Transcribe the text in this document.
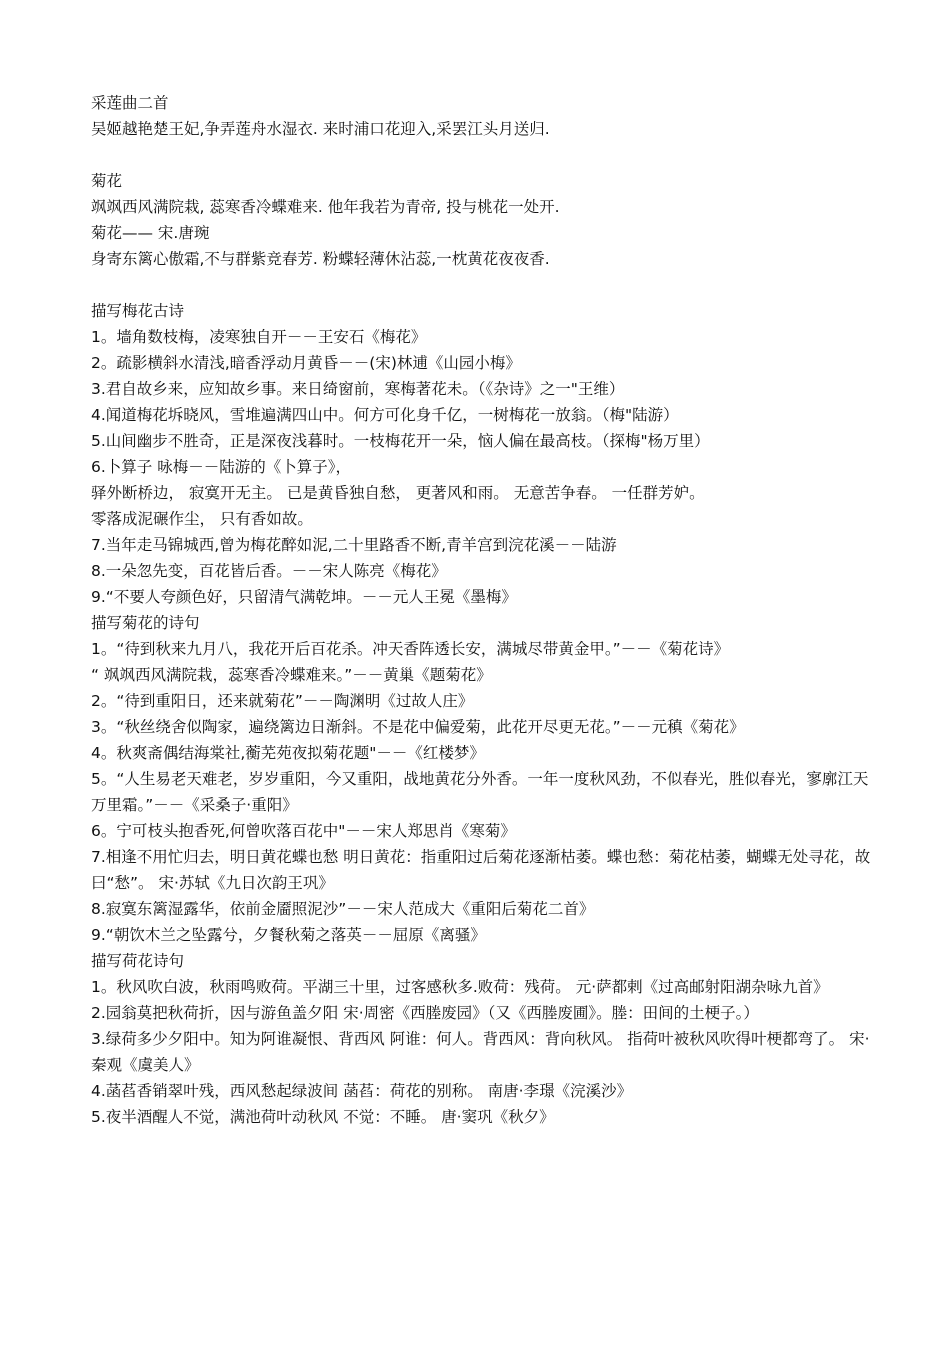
采莲曲二首
吴姬越艳楚王妃,争弄莲舟水湿衣. 来时浦口花迎入,采罢江头月送归.
菊花
飒飒西风满院栽, 蕊寒香冷蝶难来. 他年我若为青帝, 投与桃花一处开.
菊花—— 宋.唐琬
身寄东篱心傲霜,不与群紫竞春芳. 粉蝶轻薄休沾蕊,一枕黄花夜夜香.
描写梅花古诗
1。墙角数枝梅，凌寒独自开－－王安石《梅花》
2。疏影横斜水清浅,暗香浮动月黄昏－－(宋)林逋《山园小梅》
3.君自故乡来，应知故乡事。来日绮窗前，寒梅著花未。（《杂诗》之一"王维）
4.闻道梅花坼晓风，雪堆遍满四山中。何方可化身千亿，一树梅花一放翁。（梅"陆游）
5.山间幽步不胜奇，正是深夜浅暮时。一枝梅花开一朵，恼人偏在最高枝。（探梅"杨万里）
6.卜算子 咏梅－－陆游的《卜算子》，
驿外断桥边， 寂寞开无主。 已是黄昏独自愁， 更著风和雨。 无意苦争春。 一任群芳妒。
零落成泥碾作尘， 只有香如故。
7.当年走马锦城西,曾为梅花醉如泥,二十里路香不断,青羊宫到浣花溪－－陆游
8.一朵忽先变，百花皆后香。－－宋人陈亮《梅花》
9.“不要人夸颜色好，只留清气满乾坤。－－元人王冕《墨梅》
描写菊花的诗句
1。“待到秋来九月八，我花开后百花杀。冲天香阵透长安，满城尽带黄金甲。”－－《菊花诗》
“ 飒飒西风满院栽，蕊寒香冷蝶难来。”－－黄巢《题菊花》
2。“待到重阳日，还来就菊花”－－陶渊明《过故人庄》
3。“秋丝绕舍似陶家，遍绕篱边日渐斜。不是花中偏爱菊，此花开尽更无花。”－－元稹《菊花》
4。秋爽斋偶结海棠社,蘅芜苑夜拟菊花题"－－《红楼梦》
5。“人生易老天难老，岁岁重阳，今又重阳，战地黄花分外香。一年一度秋风劲，不似春光，胜似春光，寥廓江天万里霜。”－－《采桑子·重阳》
6。宁可枝头抱香死,何曾吹落百花中"－－宋人郑思肖《寒菊》
7.相逢不用忙归去，明日黄花蝶也愁 明日黄花：指重阳过后菊花逐渐枯萎。蝶也愁：菊花枯萎，蝴蝶无处寻花，故曰“愁”。 宋·苏轼《九日次韵王巩》
8.寂寞东篱湿露华，依前金靥照泥沙”－－宋人范成大《重阳后菊花二首》
9.“朝饮木兰之坠露兮，夕餐秋菊之落英－－屈原《离骚》
描写荷花诗句
1。秋风吹白波，秋雨鸣败荷。平湖三十里，过客感秋多.败荷：残荷。 元·萨都剌《过高邮射阳湖杂咏九首》
2.园翁莫把秋荷折，因与游鱼盖夕阳 宋·周密《西塍废园》（又《西塍废圃》。塍：田间的土梗子。）
3.绿荷多少夕阳中。知为阿谁凝恨、背西风 阿谁：何人。背西风：背向秋风。 指荷叶被秋风吹得叶梗都弯了。 宋·秦观《虞美人》
4.菡萏香销翠叶残，西风愁起绿波间 菡萏：荷花的别称。 南唐·李璟《浣溪沙》
5.夜半酒醒人不觉，满池荷叶动秋风 不觉：不睡。 唐·窦巩《秋夕》
